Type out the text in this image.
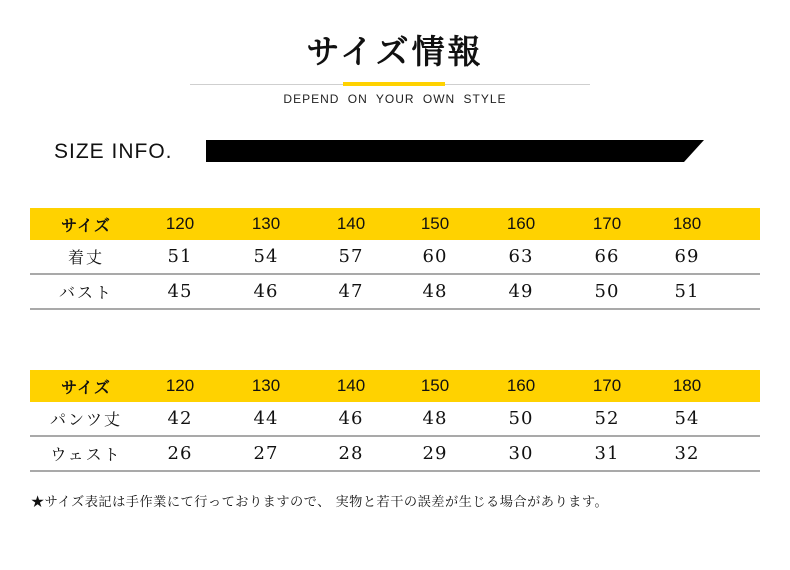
サイズ情報
DEPEND ON YOUR OWN STYLE
SIZE INFO.
サイズ	120	130	140	150	160	170	180
着丈	51	54	57	60	63	66	69
バスト	45	46	47	48	49	50	51
サイズ	120	130	140	150	160	170	180
パンツ丈	42	44	46	48	50	52	54
ウェスト	26	27	28	29	30	31	32
★サイズ表記は手作業にて行っておりますので、 実物と若干の誤差が生じる場合があります。
